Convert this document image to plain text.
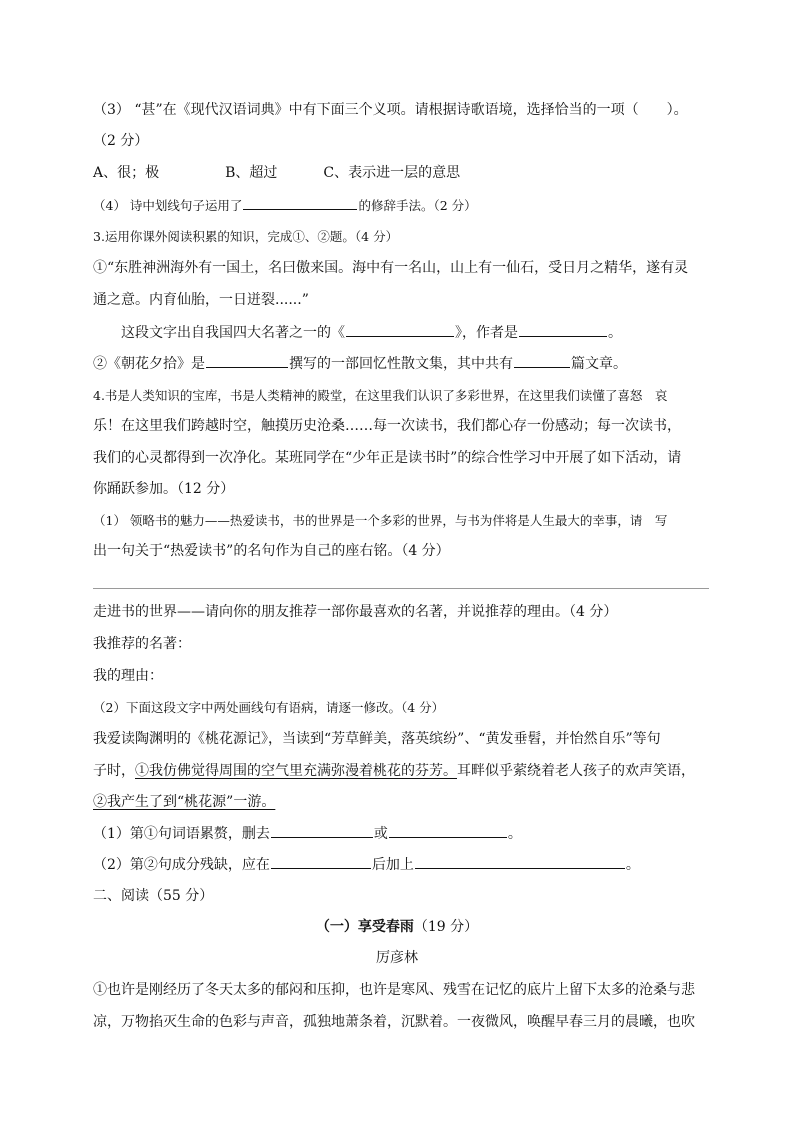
（3） “甚”在《现代汉语词典》中有下面三个义项。请根据诗歌语境，选择恰当的一项（　　）。
（2 分）
A、很；极	B、超过	C、表示进一层的意思
（4） 诗中划线句子运用了	的修辞手法。（2 分）
3.运用你课外阅读积累的知识，完成①、②题。（4 分）
①“东胜神洲海外有一国土，名曰傲来国。海中有一名山，山上有一仙石，受日月之精华，遂有灵
通之意。内育仙胎，一日迸裂......”
这段文字出自我国四大名著之一的《	》，作者是	。
②《朝花夕拾》是	撰写的一部回忆性散文集，其中共有	篇文章。
4.书是人类知识的宝库，书是人类精神的殿堂，在这里我们认识了多彩世界，在这里我们读懂了喜怒　哀
乐！在这里我们跨越时空，触摸历史沧桑……每一次读书，我们都心存一份感动；每一次读书，
我们的心灵都得到一次净化。某班同学在“少年正是读书时”的综合性学习中开展了如下活动，请
你踊跃参加。（12 分）
（1） 领略书的魅力——热爱读书，书的世界是一个多彩的世界，与书为伴将是人生最大的幸事，请　写
出一句关于“热爱读书”的名句作为自己的座右铭。（4 分）
走进书的世界——请向你的朋友推荐一部你最喜欢的名著，并说推荐的理由。（4 分）
我推荐的名著：
我的理由：
（2）下面这段文字中两处画线句有语病，请逐一修改。（4 分）
我爱读陶渊明的《桃花源记》，当读到“芳草鲜美，落英缤纷”、“黄发垂髫，并怡然自乐”等句
子时，①我仿佛觉得周围的空气里充满弥漫着桃花的芬芳。耳畔似乎萦绕着老人孩子的欢声笑语，
②我产生了到“桃花源”一游。
（1）第①句词语累赘，删去	或	。
（2）第②句成分残缺，应在	后加上	。
二、阅读（55 分）
（一）享受春雨（19 分）
厉彦林
①也许是刚经历了冬天太多的郁闷和压抑，也许是寒风、残雪在记忆的底片上留下太多的沧桑与悲
凉，万物掐灭生命的色彩与声音，孤独地萧条着，沉默着。一夜微风，唤醒早春三月的晨曦，也吹
